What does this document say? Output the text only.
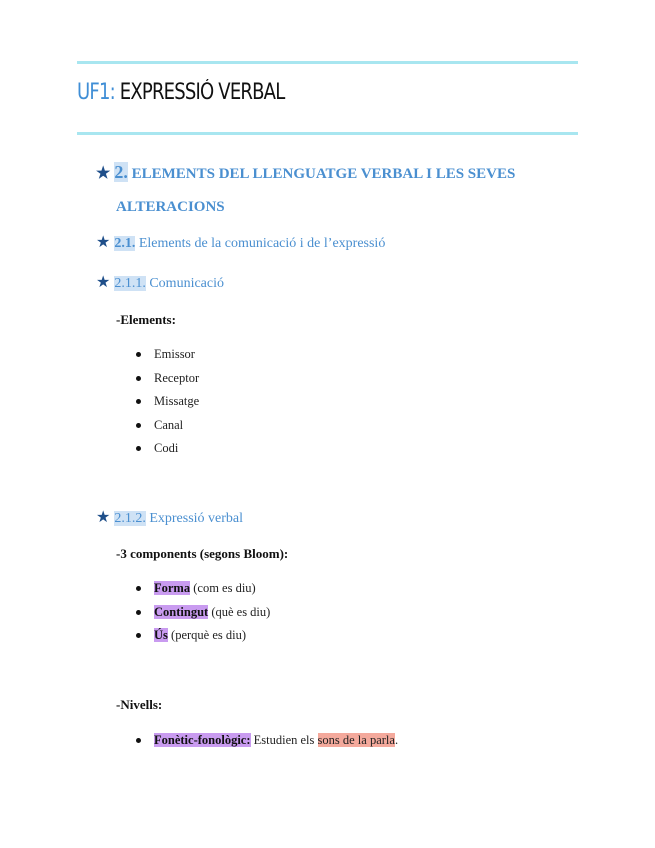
UF1: EXPRESSIÓ VERBAL
★ 2. ELEMENTS DEL LLENGUATGE VERBAL I LES SEVES
ALTERACIONS
★ 2.1. Elements de la comunicació i de l’expressió
★ 2.1.1. Comunicació
-Elements:
Emissor
Receptor
Missatge
Canal
Codi
★ 2.1.2. Expressió verbal
-3 components (segons Bloom):
Forma (com es diu)
Contingut (què es diu)
Ús (perquè es diu)
-Nivells:
Fonètic-fonològic: Estudien els sons de la parla.
